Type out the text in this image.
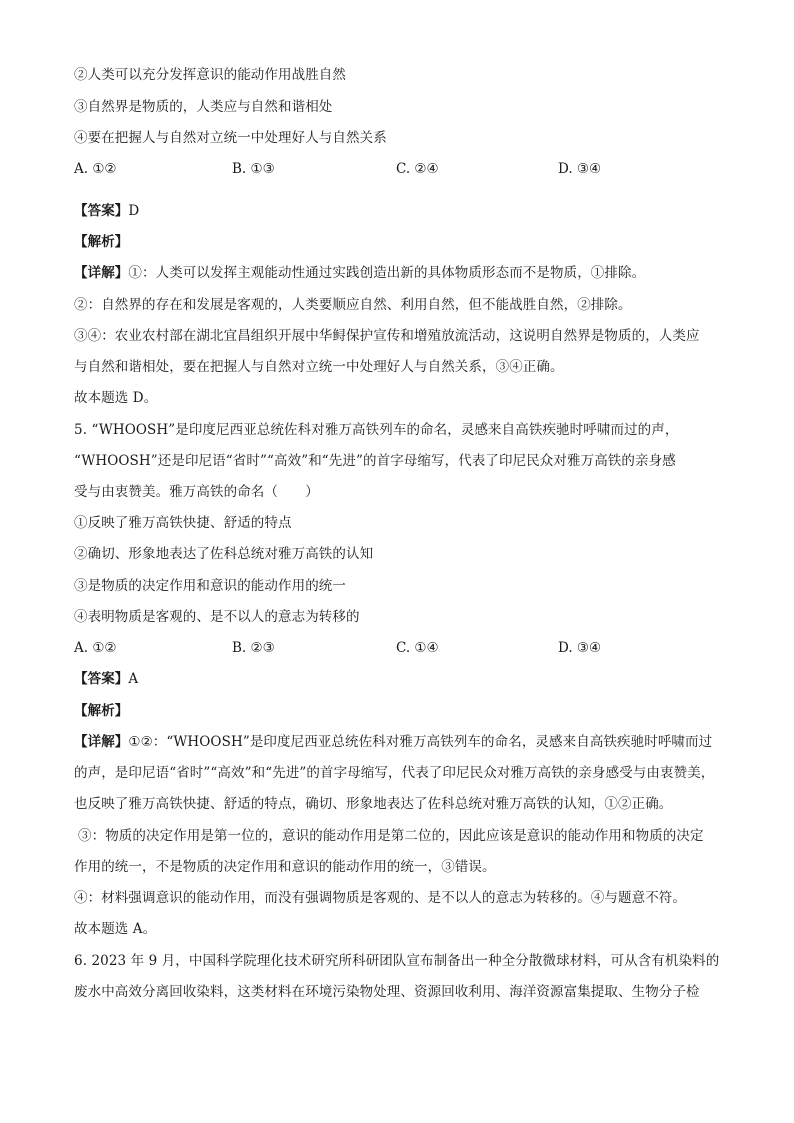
②人类可以充分发挥意识的能动作用战胜自然
③自然界是物质的，人类应与自然和谐相处
④要在把握人与自然对立统一中处理好人与自然关系
A. ①②	B. ①③	C. ②④	D. ③④
【答案】D
【解析】
【详解】①：人类可以发挥主观能动性通过实践创造出新的具体物质形态而不是物质，①排除。
②：自然界的存在和发展是客观的，人类要顺应自然、利用自然，但不能战胜自然，②排除。
③④：农业农村部在湖北宜昌组织开展中华鲟保护宣传和增殖放流活动，这说明自然界是物质的，人类应
与自然和谐相处，要在把握人与自然对立统一中处理好人与自然关系，③④正确。
故本题选 D。
5. “WHOOSH”是印度尼西亚总统佐科对雅万高铁列车的命名，灵感来自高铁疾驰时呼啸而过的声，
“WHOOSH”还是印尼语“省时”“高效”和“先进”的首字母缩写，代表了印尼民众对雅万高铁的亲身感
受与由衷赞美。雅万高铁的命名（　　）
①反映了雅万高铁快捷、舒适的特点
②确切、形象地表达了佐科总统对雅万高铁的认知
③是物质的决定作用和意识的能动作用的统一
④表明物质是客观的、是不以人的意志为转移的
A. ①②	B. ②③	C. ①④	D. ③④
【答案】A
【解析】
【详解】①②：“WHOOSH”是印度尼西亚总统佐科对雅万高铁列车的命名，灵感来自高铁疾驰时呼啸而过
的声，是印尼语“省时”“高效”和“先进”的首字母缩写，代表了印尼民众对雅万高铁的亲身感受与由衷赞美，
也反映了雅万高铁快捷、舒适的特点，确切、形象地表达了佐科总统对雅万高铁的认知，①②正确。
③：物质的决定作用是第一位的，意识的能动作用是第二位的，因此应该是意识的能动作用和物质的决定
作用的统一，不是物质的决定作用和意识的能动作用的统一，③错误。
④：材料强调意识的能动作用，而没有强调物质是客观的、是不以人的意志为转移的。④与题意不符。
故本题选 A。
6. 2023 年 9 月，中国科学院理化技术研究所科研团队宣布制备出一种全分散微球材料，可从含有机染料的
废水中高效分离回收染料，这类材料在环境污染物处理、资源回收利用、海洋资源富集提取、生物分子检
